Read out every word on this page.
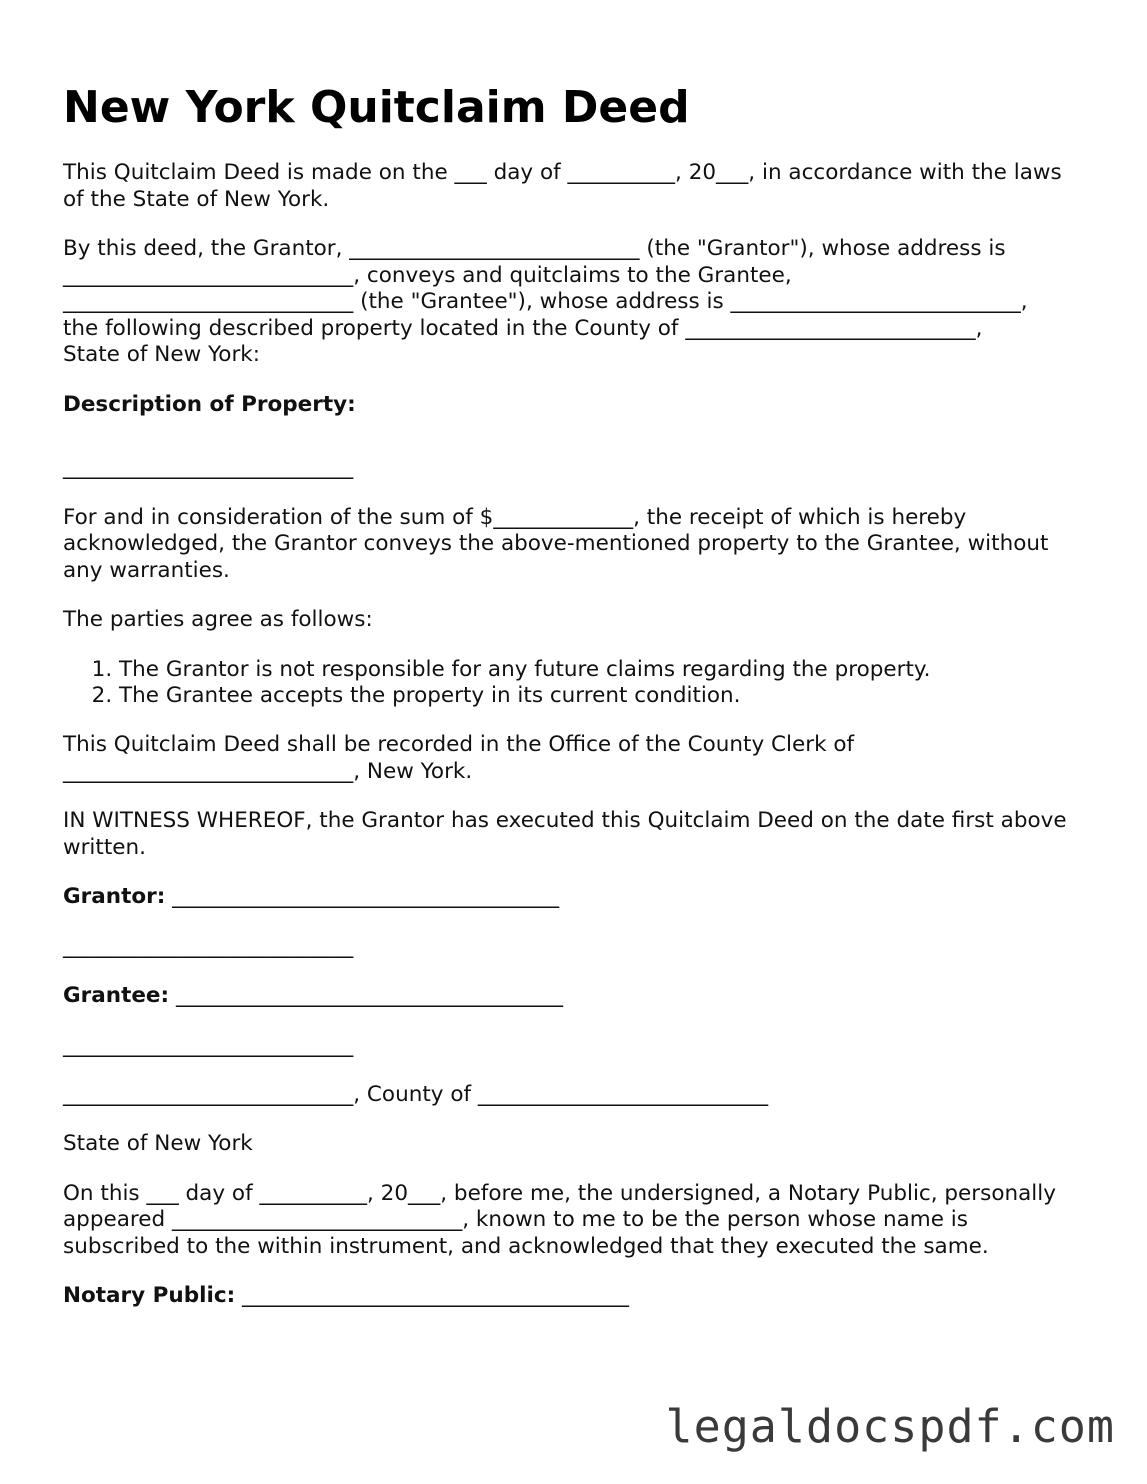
New York Quitclaim Deed

This Quitclaim Deed is made on the ___ day of __________, 20___, in accordance with the laws of the State of New York.

By this deed, the Grantor, ___________________________ (the "Grantor"), whose address is
___________________________, conveys and quitclaims to the Grantee,
___________________________ (the "Grantee"), whose address is ___________________________,
the following described property located in the County of ___________________________,
State of New York:

Description of Property:

___________________________

For and in consideration of the sum of $_____________, the receipt of which is hereby acknowledged, the Grantor conveys the above-mentioned property to the Grantee, without any warranties.

The parties agree as follows:

1. The Grantor is not responsible for any future claims regarding the property.
2. The Grantee accepts the property in its current condition.

This Quitclaim Deed shall be recorded in the Office of the County Clerk of
___________________________, New York.

IN WITNESS WHEREOF, the Grantor has executed this Quitclaim Deed on the date first above written.

Grantor: ____________________________________

___________________________

Grantee: ____________________________________

___________________________

___________________________, County of ___________________________

State of New York

On this ___ day of __________, 20___, before me, the undersigned, a Notary Public, personally appeared ___________________________, known to me to be the person whose name is subscribed to the within instrument, and acknowledged that they executed the same.

Notary Public: ____________________________________

legaldocspdf.com
